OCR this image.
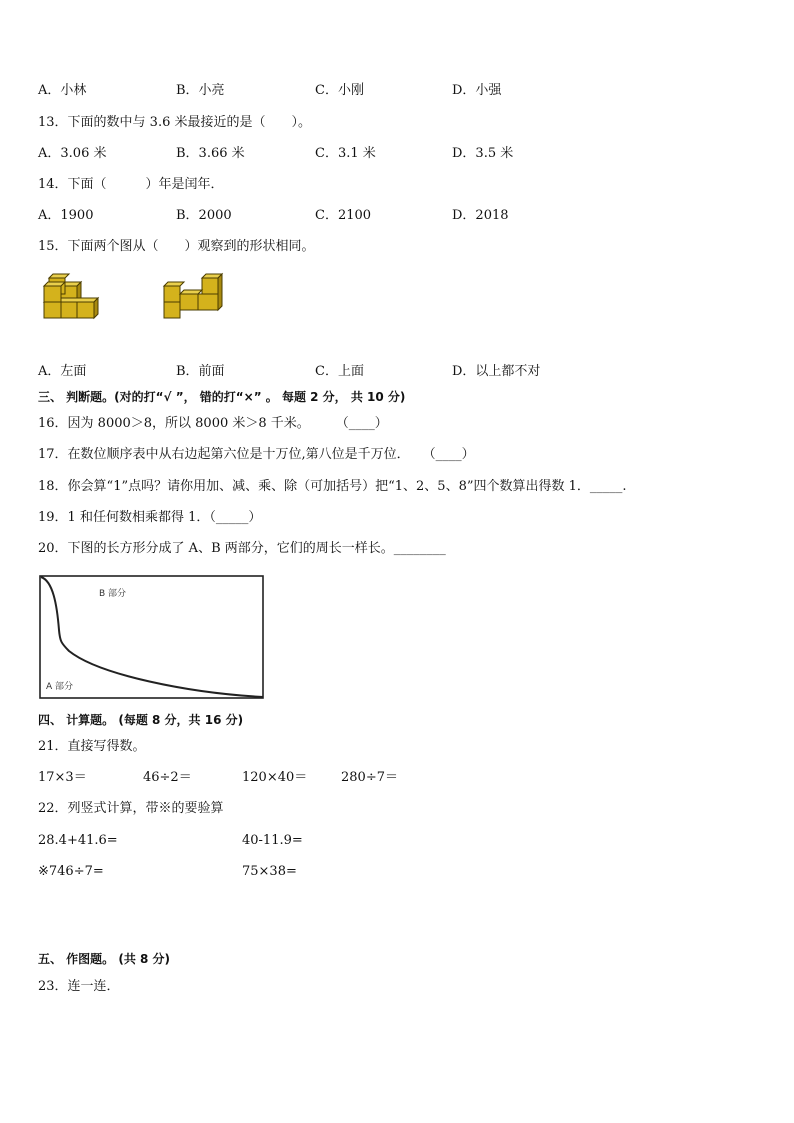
A．小林	B．小亮	C．小刚	D．小强
13．下面的数中与 3.6 米最接近的是（　　）。
A．3.06 米	B．3.66 米	C．3.1 米	D．3.5 米
14．下面（　　　）年是闰年．
A．1900	B．2000	C．2100	D．2018
15．下面两个图从（　　）观察到的形状相同。
A．左面	B．前面	C．上面	D．以上都不对
三、 判断题。(对的打“√ ”， 错的打“×” 。 每题 2 分， 共 10 分)
16．因为 8000＞8，所以 8000 米＞8 千米。　　　（____）
17．在数位顺序表中从右边起第六位是十万位,第八位是千万位．　　（____）
18．你会算“1”点吗？请你用加、减、乘、除（可加括号）把“1、2、5、8”四个数算出得数 1．_____.
19．1 和任何数相乘都得 1．（_____）
20．下图的长方形分成了 A、B 两部分，它们的周长一样长。________
B 部分
A 部分
四、 计算题。 (每题 8 分，共 16 分)
21．直接写得数。
17×3＝	46÷2＝	120×40＝	280÷7＝
22．列竖式计算，带※的要验算
28.4+41.6=	40-11.9=
※746÷7=	75×38=
五、 作图题。 (共 8 分)
23．连一连．
